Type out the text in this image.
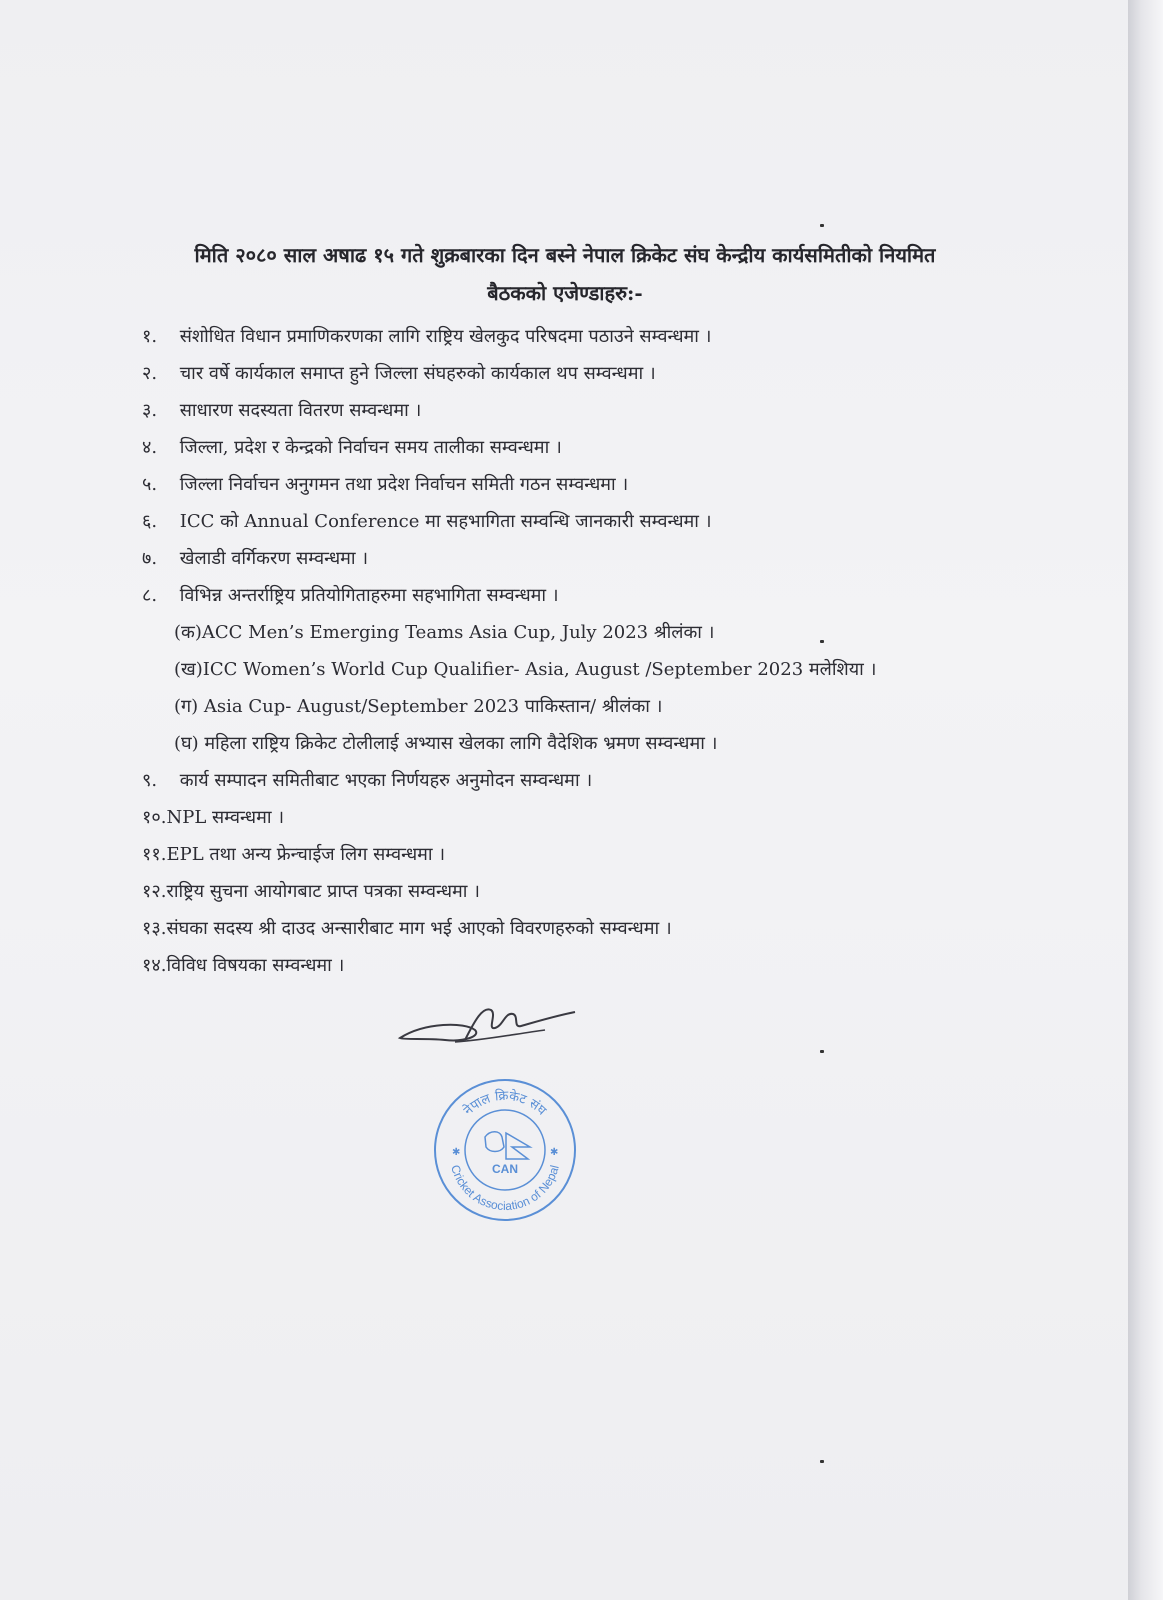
मिति २०८० साल अषाढ १५ गते शुक्रबारका दिन बस्ने नेपाल क्रिकेट संघ केन्द्रीय कार्यसमितीको नियमित
बैठकको एजेण्डाहरु:-
१. संशोधित विधान प्रमाणिकरणका लागि राष्ट्रिय खेलकुद परिषदमा पठाउने सम्वन्धमा ।
२. चार वर्षे कार्यकाल समाप्त हुने जिल्ला संघहरुको कार्यकाल थप सम्वन्धमा ।
३. साधारण सदस्यता वितरण सम्वन्धमा ।
४. जिल्ला, प्रदेश र केन्द्रको निर्वाचन समय तालीका सम्वन्धमा ।
५. जिल्ला निर्वाचन अनुगमन तथा प्रदेश निर्वाचन समिती गठन सम्वन्धमा ।
६. ICC को Annual Conference मा सहभागिता सम्वन्धि जानकारी सम्वन्धमा ।
७. खेलाडी वर्गिकरण सम्वन्धमा ।
८. विभिन्न अन्तर्राष्ट्रिय प्रतियोगिताहरुमा सहभागिता सम्वन्धमा ।
(क)ACC Men’s Emerging Teams Asia Cup, July 2023 श्रीलंका ।
(ख)ICC Women’s World Cup Qualifier- Asia, August /September 2023 मलेशिया ।
(ग) Asia Cup- August/September 2023 पाकिस्तान/ श्रीलंका ।
(घ) महिला राष्ट्रिय क्रिकेट टोलीलाई अभ्यास खेलका लागि वैदेशिक भ्रमण सम्वन्धमा ।
९. कार्य सम्पादन समितीबाट भएका निर्णयहरु अनुमोदन सम्वन्धमा ।
१०.NPL सम्वन्धमा ।
११.EPL तथा अन्य फ्रेन्चाईज लिग सम्वन्धमा ।
१२.राष्ट्रिय सुचना आयोगबाट प्राप्त पत्रका सम्वन्धमा ।
१३.संघका सदस्य श्री दाउद अन्सारीबाट माग भई आएको विवरणहरुको सम्वन्धमा ।
१४.विविध विषयका सम्वन्धमा ।
नेपाल क्रिकेट संघ
Cricket Association of Nepal
CAN
✱	✱
